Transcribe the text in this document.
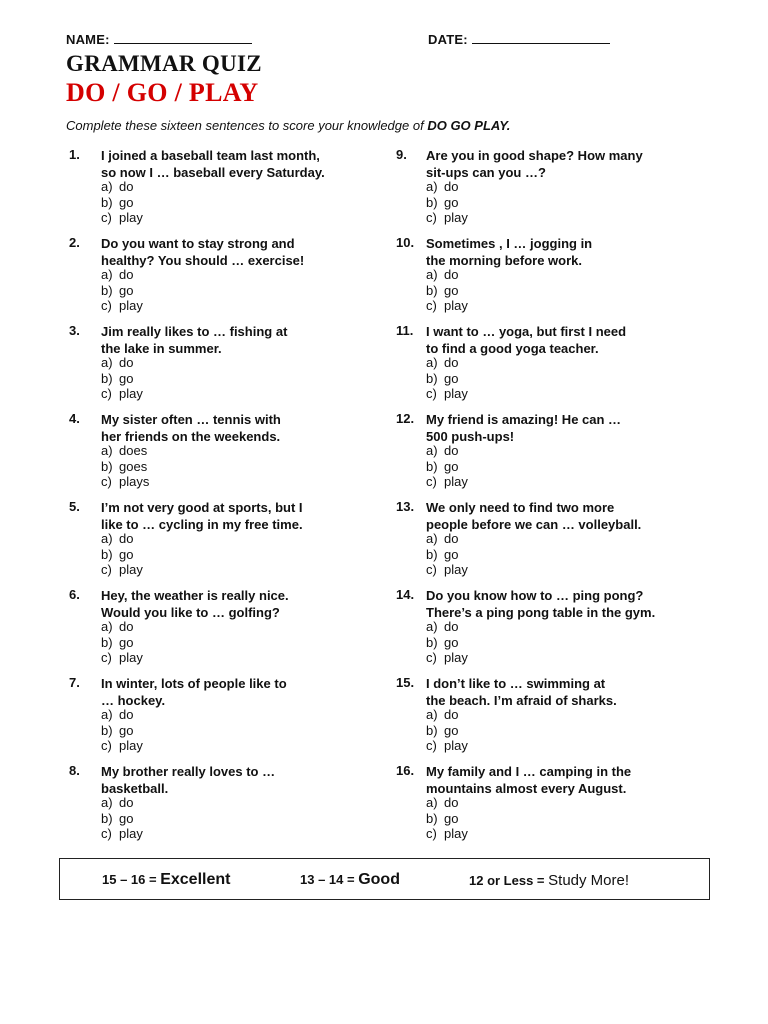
NAME:	DATE:
GRAMMAR QUIZ
DO / GO / PLAY
Complete these sixteen sentences to score your knowledge of DO GO PLAY.
1. I joined a baseball team last month,
so now I … baseball every Saturday.
a) do
b) go
c) play
2. Do you want to stay strong and
healthy? You should … exercise!
a) do
b) go
c) play
3. Jim really likes to … fishing at
the lake in summer.
a) do
b) go
c) play
4. My sister often … tennis with
her friends on the weekends.
a) does
b) goes
c) plays
5. I’m not very good at sports, but I
like to … cycling in my free time.
a) do
b) go
c) play
6. Hey, the weather is really nice.
Would you like to … golfing?
a) do
b) go
c) play
7. In winter, lots of people like to
… hockey.
a) do
b) go
c) play
8. My brother really loves to …
basketball.
a) do
b) go
c) play
9. Are you in good shape? How many
sit-ups can you …?
a) do
b) go
c) play
10. Sometimes , I … jogging in
the morning before work.
a) do
b) go
c) play
11. I want to … yoga, but first I need
to find a good yoga teacher.
a) do
b) go
c) play
12. My friend is amazing! He can …
500 push-ups!
a) do
b) go
c) play
13. We only need to find two more
people before we can … volleyball.
a) do
b) go
c) play
14. Do you know how to … ping pong?
There’s a ping pong table in the gym.
a) do
b) go
c) play
15. I don’t like to … swimming at
the beach. I’m afraid of sharks.
a) do
b) go
c) play
16. My family and I … camping in the
mountains almost every August.
a) do
b) go
c) play
15 – 16 = Excellent	13 – 14 = Good	12 or Less = Study More!
